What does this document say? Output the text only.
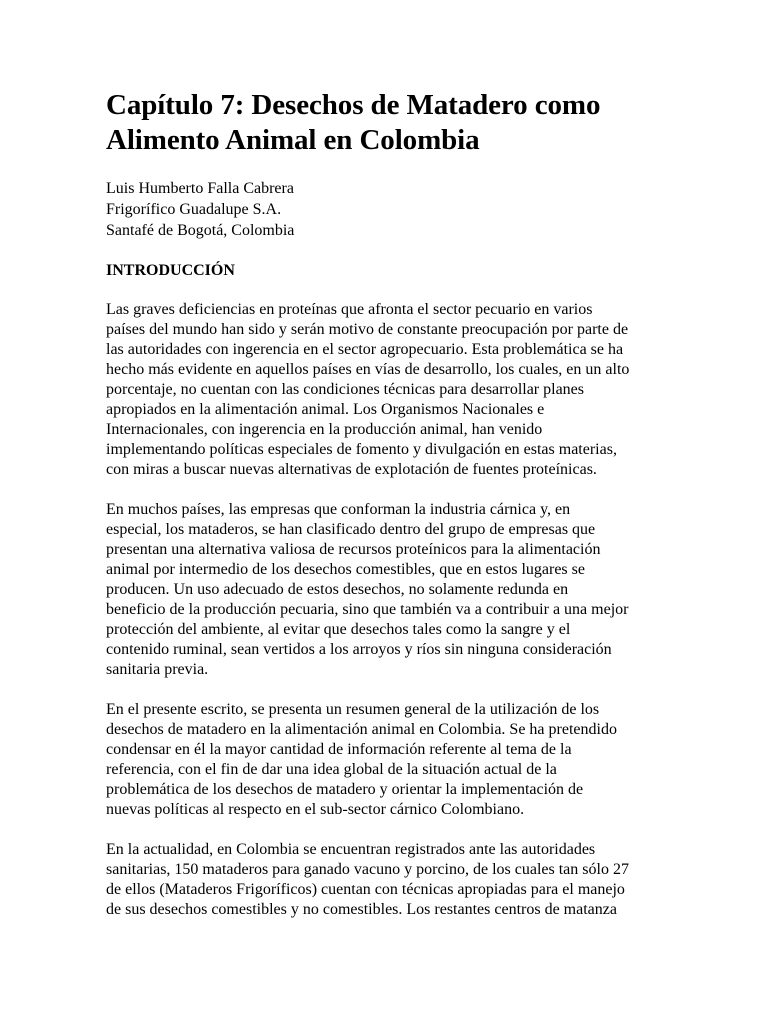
Capítulo 7: Desechos de Matadero como
Alimento Animal en Colombia
Luis Humberto Falla Cabrera
Frigorífico Guadalupe S.A.
Santafé de Bogotá, Colombia
INTRODUCCIÓN

Las graves deficiencias en proteínas que afronta el sector pecuario en varios
países del mundo han sido y serán motivo de constante preocupación por parte de
las autoridades con ingerencia en el sector agropecuario. Esta problemática se ha
hecho más evidente en aquellos países en vías de desarrollo, los cuales, en un alto
porcentaje, no cuentan con las condiciones técnicas para desarrollar planes
apropiados en la alimentación animal. Los Organismos Nacionales e
Internacionales, con ingerencia en la producción animal, han venido
implementando políticas especiales de fomento y divulgación en estas materias,
con miras a buscar nuevas alternativas de explotación de fuentes proteínicas.

En muchos países, las empresas que conforman la industria cárnica y, en
especial, los mataderos, se han clasificado dentro del grupo de empresas que
presentan una alternativa valiosa de recursos proteínicos para la alimentación
animal por intermedio de los desechos comestibles, que en estos lugares se
producen. Un uso adecuado de estos desechos, no solamente redunda en
beneficio de la producción pecuaria, sino que también va a contribuir a una mejor
protección del ambiente, al evitar que desechos tales como la sangre y el
contenido ruminal, sean vertidos a los arroyos y ríos sin ninguna consideración
sanitaria previa.

En el presente escrito, se presenta un resumen general de la utilización de los
desechos de matadero en la alimentación animal en Colombia. Se ha pretendido
condensar en él la mayor cantidad de información referente al tema de la
referencia, con el fin de dar una idea global de la situación actual de la
problemática de los desechos de matadero y orientar la implementación de
nuevas políticas al respecto en el sub-sector cárnico Colombiano.

En la actualidad, en Colombia se encuentran registrados ante las autoridades
sanitarias, 150 mataderos para ganado vacuno y porcino, de los cuales tan sólo 27
de ellos (Mataderos Frigoríficos) cuentan con técnicas apropiadas para el manejo
de sus desechos comestibles y no comestibles. Los restantes centros de matanza
